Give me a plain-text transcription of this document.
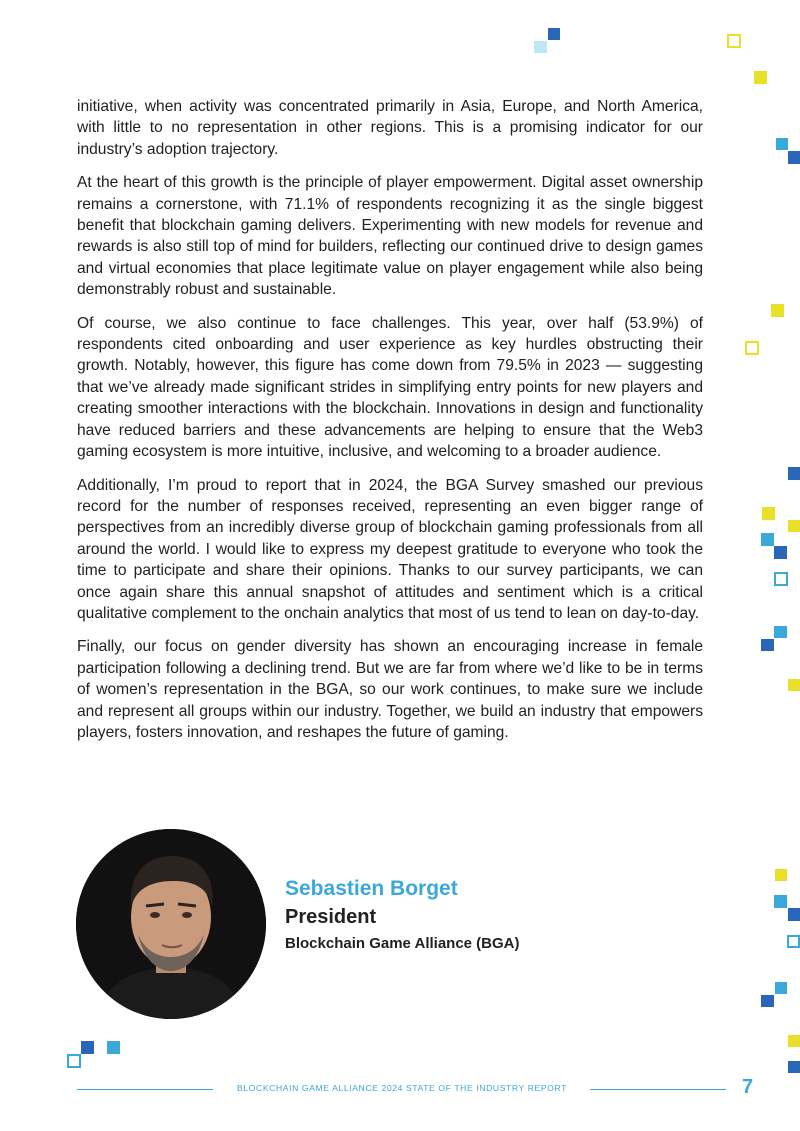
initiative, when activity was concentrated primarily in Asia, Europe, and North America, with little to no representation in other regions. This is a promising indicator for our industry’s adoption trajectory.

At the heart of this growth is the principle of player empowerment. Digital asset ownership remains a cornerstone, with 71.1% of respondents recognizing it as the single biggest benefit that blockchain gaming delivers. Experimenting with new models for revenue and rewards is also still top of mind for builders, reflecting our continued drive to design games and virtual economies that place legitimate value on player engagement while also being demonstrably robust and sustainable.

Of course, we also continue to face challenges. This year, over half (53.9%) of respondents cited onboarding and user experience as key hurdles obstructing their growth. Notably, however, this figure has come down from 79.5% in 2023 — suggesting that we’ve already made significant strides in simplifying entry points for new players and creating smoother interactions with the blockchain. Innovations in design and functionality have reduced barriers and these advancements are helping to ensure that the Web3 gaming ecosystem is more intuitive, inclusive, and welcoming to a broader audience.

Additionally, I’m proud to report that in 2024, the BGA Survey smashed our previous record for the number of responses received, representing an even bigger range of perspectives from an incredibly diverse group of blockchain gaming professionals from all around the world. I would like to express my deepest gratitude to everyone who took the time to participate and share their opinions. Thanks to our survey participants, we can once again share this annual snapshot of attitudes and sentiment which is a critical qualitative complement to the onchain analytics that most of us tend to lean on day-to-day.

Finally, our focus on gender diversity has shown an encouraging increase in female participation following a declining trend. But we are far from where we’d like to be in terms of women’s representation in the BGA, so our work continues, to make sure we include and represent all groups within our industry. Together, we build an industry that empowers players, fosters innovation, and reshapes the future of gaming.

Sebastien Borget
President
Blockchain Game Alliance (BGA)
BLOCKCHAIN GAME ALLIANCE 2024 STATE OF THE INDUSTRY REPORT	7
